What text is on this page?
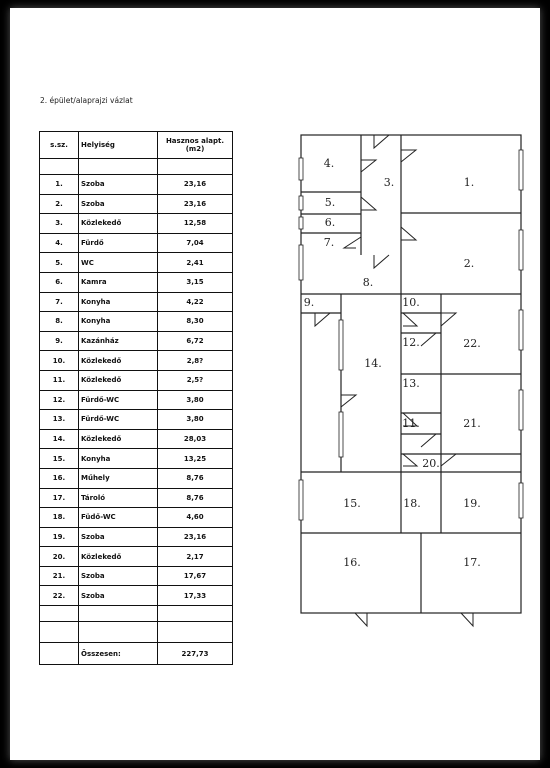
2. épület/alaprajzi vázlat
s.sz.	Helyiség	Hasznos alapt. (m2)

1.	Szoba	23,16
2.	Szoba	23,16
3.	Közlekedő	12,58
4.	Fürdő	7,04
5.	WC	2,41
6.	Kamra	3,15
7.	Konyha	4,22
8.	Konyha	8,30
9.	Kazánház	6,72
10.	Közlekedő	2,8?
11.	Közlekedő	2,5?
12.	Fürdő-WC	3,80
13.	Fürdő-WC	3,80
14.	Közlekedő	28,03
15.	Konyha	13,25
16.	Műhely	8,76
17.	Tároló	8,76
18.	Füdő-WC	4,60
19.	Szoba	23,16
20.	Közlekedő	2,17
21.	Szoba	17,67
22.	Szoba	17,33

	Összesen:	227,73
1.
2.
3.
4.
5.
6.
7.
8.
9.	10.
11.
12.
13.
14.
15.
16.	17.
18.	19.
20.
21.
22.
